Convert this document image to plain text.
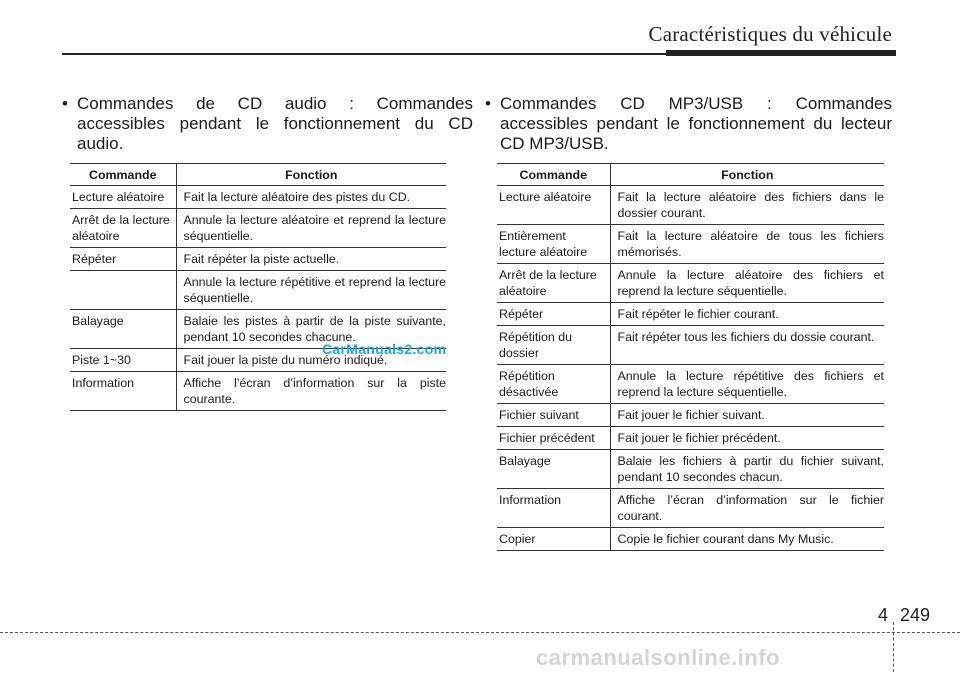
Caractéristiques du véhicule
• Commandes de CD audio : Commandes accessibles pendant le fonctionnement du CD audio.
• Commandes CD MP3/USB : Commandes accessibles pendant le fonctionnement du lecteur CD MP3/USB.
Commande	Fonction
Lecture aléatoire	Fait la lecture aléatoire des pistes du CD.

Arrêt de la lecture aléatoire	Annule la lecture aléatoire et reprend la lecture séquentielle.

Répéter	Fait répéter la piste actuelle.

	Annule la lecture répétitive et reprend la lecture séquentielle.

Balayage	Balaie les pistes à partir de la piste suivante, pendant 10 secondes chacune.

Piste 1~30	Fait jouer la piste du numéro indiqué.

Information	Affiche l’écran d’information sur la piste courante.
Commande	Fonction
Lecture aléatoire	Fait la lecture aléatoire des fichiers dans le dossier courant.

Entièrement lecture aléatoire	Fait la lecture aléatoire de tous les fichiers mémorisés.

Arrêt de la lecture aléatoire	Annule la lecture aléatoire des fichiers et reprend la lecture séquentielle.

Répéter	Fait répéter le fichier courant.

Répétition du dossier	Fait répéter tous les fichiers du dossie courant.

Répétition désactivée	Annule la lecture répétitive des fichiers et reprend la lecture séquentielle.

Fichier suivant	Fait jouer le fichier suivant.

Fichier précédent	Fait jouer le fichier précédent.

Balayage	Balaie les fichiers à partir du fichier suivant, pendant 10 secondes chacun.

Information	Affiche l’écran d’information sur le fichier courant.

Copier	Copie le fichier courant dans My Music.
CarManuals2.com
4 249
carmanualsonline.info
